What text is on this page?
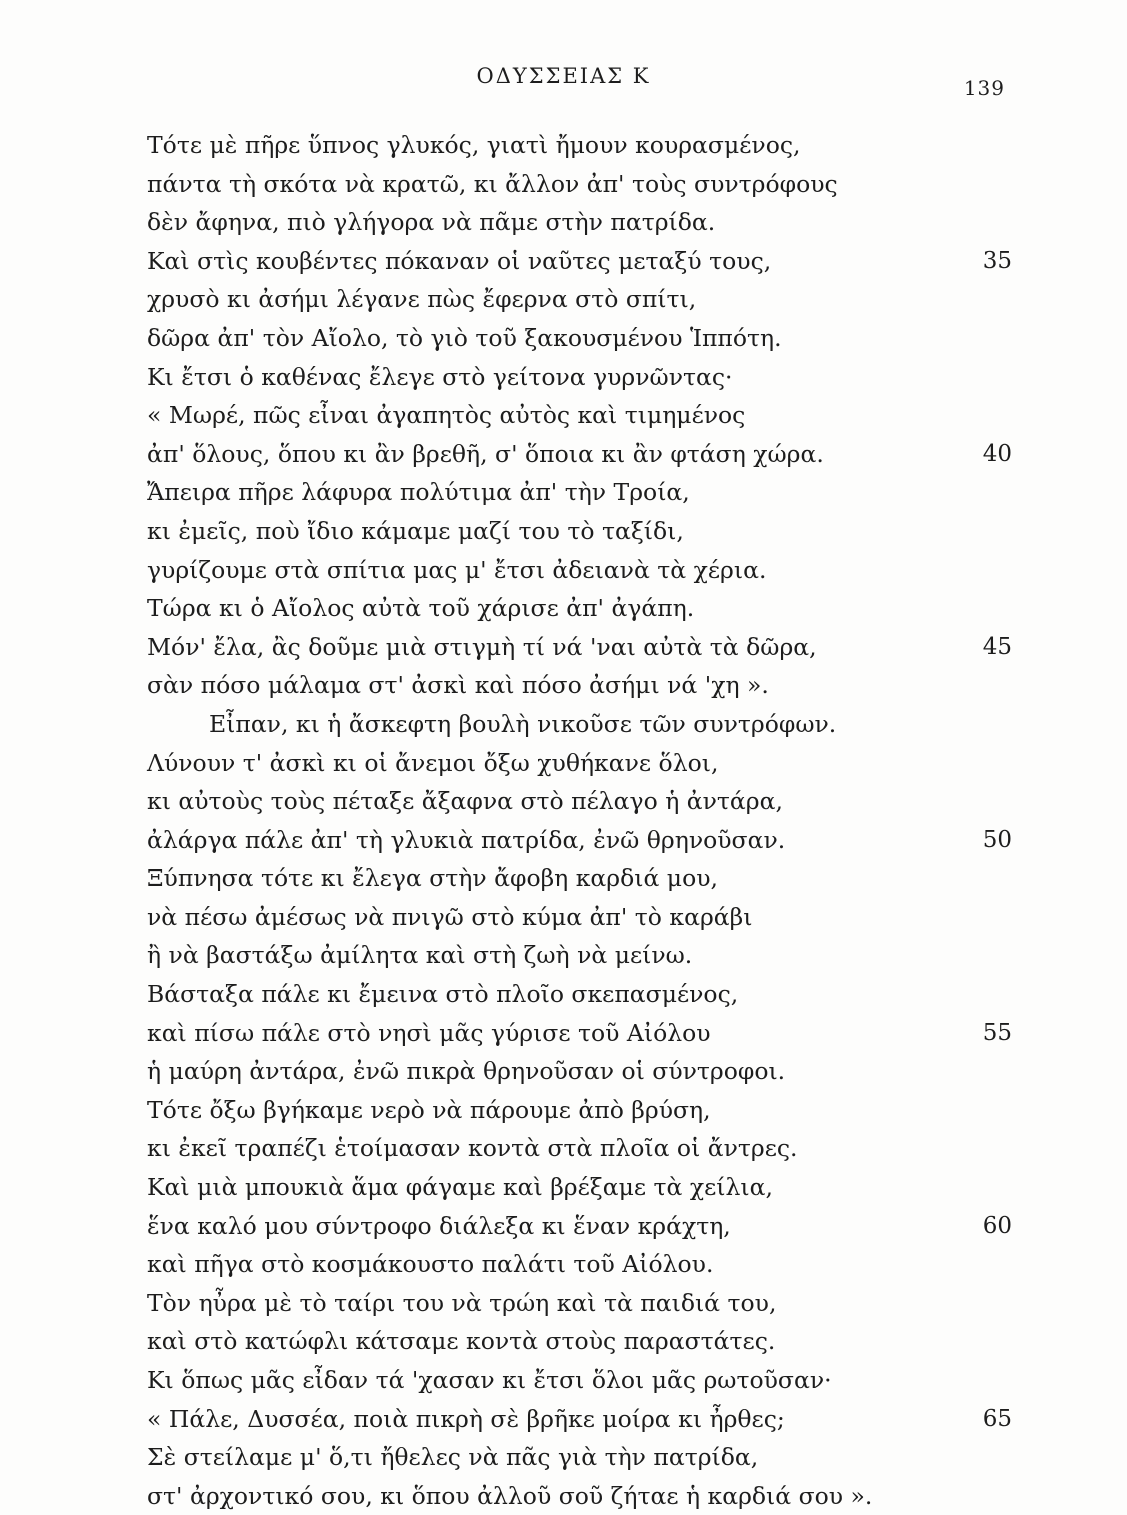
ΟΔΥΣΣΕΙΑΣ Κ	139
Τότε μὲ πῆρε ὕπνος γλυκός, γιατὶ ἤμουν κουρασμένος,
πάντα τὴ σκότα νὰ κρατῶ, κι ἄλλον ἀπ' τοὺς συντρόφους
δὲν ἄφηνα, πιὸ γλήγορα νὰ πᾶμε στὴν πατρίδα.
Καὶ στὶς κουβέντες πόκαναν οἱ ναῦτες μεταξύ τους,	35
χρυσὸ κι ἀσήμι λέγανε πὼς ἔφερνα στὸ σπίτι,
δῶρα ἀπ' τὸν Αἴολο, τὸ γιὸ τοῦ ξακουσμένου Ἱππότη.
Κι ἔτσι ὁ καθένας ἔλεγε στὸ γείτονα γυρνῶντας·
« Μωρέ, πῶς εἶναι ἀγαπητὸς αὐτὸς καὶ τιμημένος
ἀπ' ὅλους, ὅπου κι ἂν βρεθῆ, σ' ὅποια κι ἂν φτάση χώρα.	40
Ἄπειρα πῆρε λάφυρα πολύτιμα ἀπ' τὴν Τροία,
κι ἐμεῖς, ποὺ ἴδιο κάμαμε μαζί του τὸ ταξίδι,
γυρίζουμε στὰ σπίτια μας μ' ἔτσι ἀδειανὰ τὰ χέρια.
Τώρα κι ὁ Αἴολος αὐτὰ τοῦ χάρισε ἀπ' ἀγάπη.
Μόν' ἔλα, ἂς δοῦμε μιὰ στιγμὴ τί νά 'ναι αὐτὰ τὰ δῶρα,	45
σὰν πόσο μάλαμα στ' ἀσκὶ καὶ πόσο ἀσήμι νά 'χη ».
Εἶπαν, κι ἡ ἄσκεφτη βουλὴ νικοῦσε τῶν συντρόφων.
Λύνουν τ' ἀσκὶ κι οἱ ἄνεμοι ὄξω χυθήκανε ὅλοι,
κι αὐτοὺς τοὺς πέταξε ἄξαφνα στὸ πέλαγο ἡ ἀντάρα,
ἀλάργα πάλε ἀπ' τὴ γλυκιὰ πατρίδα, ἐνῶ θρηνοῦσαν.	50
Ξύπνησα τότε κι ἔλεγα στὴν ἄφοβη καρδιά μου,
νὰ πέσω ἀμέσως νὰ πνιγῶ στὸ κύμα ἀπ' τὸ καράβι
ἢ νὰ βαστάξω ἀμίλητα καὶ στὴ ζωὴ νὰ μείνω.
Βάσταξα πάλε κι ἔμεινα στὸ πλοῖο σκεπασμένος,
καὶ πίσω πάλε στὸ νησὶ μᾶς γύρισε τοῦ Αἰόλου	55
ἡ μαύρη ἀντάρα, ἐνῶ πικρὰ θρηνοῦσαν οἱ σύντροφοι.
Τότε ὄξω βγήκαμε νερὸ νὰ πάρουμε ἀπὸ βρύση,
κι ἐκεῖ τραπέζι ἑτοίμασαν κοντὰ στὰ πλοῖα οἱ ἄντρες.
Καὶ μιὰ μπουκιὰ ἅμα φάγαμε καὶ βρέξαμε τὰ χείλια,
ἕνα καλό μου σύντροφο διάλεξα κι ἕναν κράχτη,	60
καὶ πῆγα στὸ κοσμάκουστο παλάτι τοῦ Αἰόλου.
Τὸν ηὖρα μὲ τὸ ταίρι του νὰ τρώη καὶ τὰ παιδιά του,
καὶ στὸ κατώφλι κάτσαμε κοντὰ στοὺς παραστάτες.
Κι ὅπως μᾶς εἶδαν τά 'χασαν κι ἔτσι ὅλοι μᾶς ρωτοῦσαν·
« Πάλε, Δυσσέα, ποιὰ πικρὴ σὲ βρῆκε μοίρα κι ἦρθες;	65
Σὲ στείλαμε μ' ὅ,τι ἤθελες νὰ πᾶς γιὰ τὴν πατρίδα,
στ' ἀρχοντικό σου, κι ὅπου ἀλλοῦ σοῦ ζήταε ἡ καρδιά σου ».
